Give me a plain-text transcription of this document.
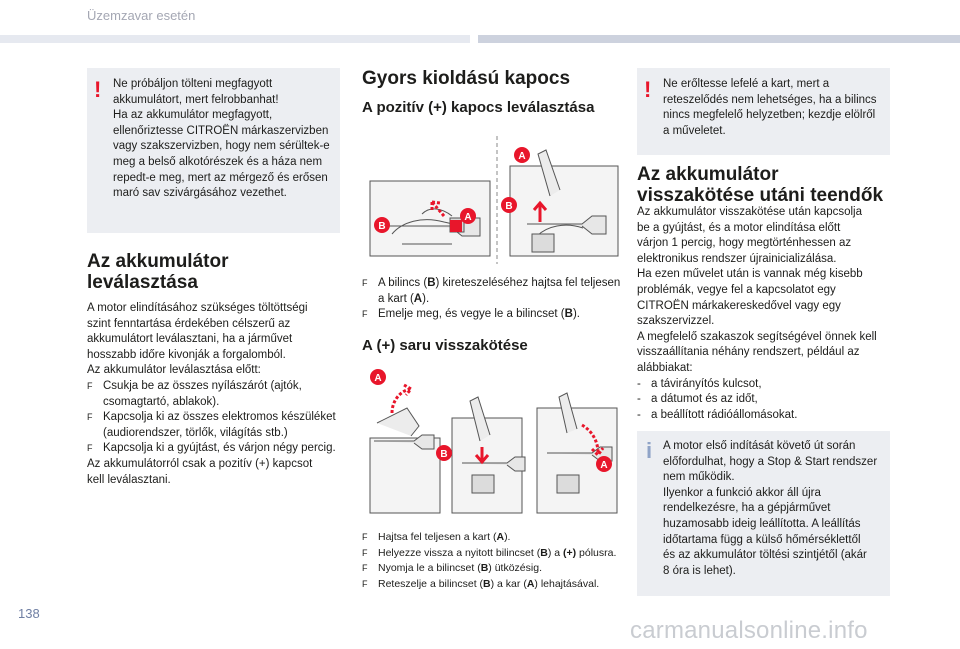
Üzemzavar esetén
! Ne próbáljon tölteni megfagyott
akkumulátort, mert felrobbanhat!
Ha az akkumulátor megfagyott,
ellenőriztesse CITROËN márkaszervizben
vagy szakszervizben, hogy nem sérültek-e
meg a belső alkotórészek és a háza nem
repedt-e meg, mert az mérgező és erősen
maró sav szivárgásához vezethet.
Az akkumulátor
leválasztása
A motor elindításához szükséges töltöttségi
szint fenntartása érdekében célszerű az
akkumulátort leválasztani, ha a járművet
hosszabb időre kivonják a forgalomból.
Az akkumulátor leválasztása előtt:
F Csukja be az összes nyílászárót (ajtók, csomagtartó, ablakok).
F Kapcsolja ki az összes elektromos készüléket (audiorendszer, törlők, világítás stb.)
F Kapcsolja ki a gyújtást, és várjon négy percig.
Az akkumulátorról csak a pozitív (+) kapcsot
kell leválasztani.
Gyors kioldású kapocs
A pozitív (+) kapocs leválasztása
A
B
A
B
F A bilincs (B) kireteszeléséhez hajtsa fel teljesen a kart (A).
F Emelje meg, és vegye le a bilincset (B).
A (+) saru visszakötése
A
B
A
F Hajtsa fel teljesen a kart (A).
F Helyezze vissza a nyitott bilincset (B) a (+) pólusra.
F Nyomja le a bilincset (B) ütközésig.
F Reteszelje a bilincset (B) a kar (A) lehajtásával.
! Ne erőltesse lefelé a kart, mert a
reteszelődés nem lehetséges, ha a bilincs
nincs megfelelő helyzetben; kezdje elölről
a műveletet.
Az akkumulátor
visszakötése utáni teendők
Az akkumulátor visszakötése után kapcsolja
be a gyújtást, és a motor elindítása előtt
várjon 1 percig, hogy megtörténhessen az
elektronikus rendszer újrainicializálása.
Ha ezen művelet után is vannak még kisebb
problémák, vegye fel a kapcsolatot egy
CITROËN márkakereskedővel vagy egy
szakszervizzel.
A megfelelő szakaszok segítségével önnek kell
visszaállítania néhány rendszert, például az
alábbiakat:
- a távirányítós kulcsot,
- a dátumot és az időt,
- a beállított rádióállomásokat.
i A motor első indítását követő út során
előfordulhat, hogy a Stop & Start rendszer
nem működik.
Ilyenkor a funkció akkor áll újra
rendelkezésre, ha a gépjárművet
huzamosabb ideig leállította. A leállítás
időtartama függ a külső hőmérséklettől
és az akkumulátor töltési szintjétől (akár
8 óra is lehet).
138
carmanualsonline.info
